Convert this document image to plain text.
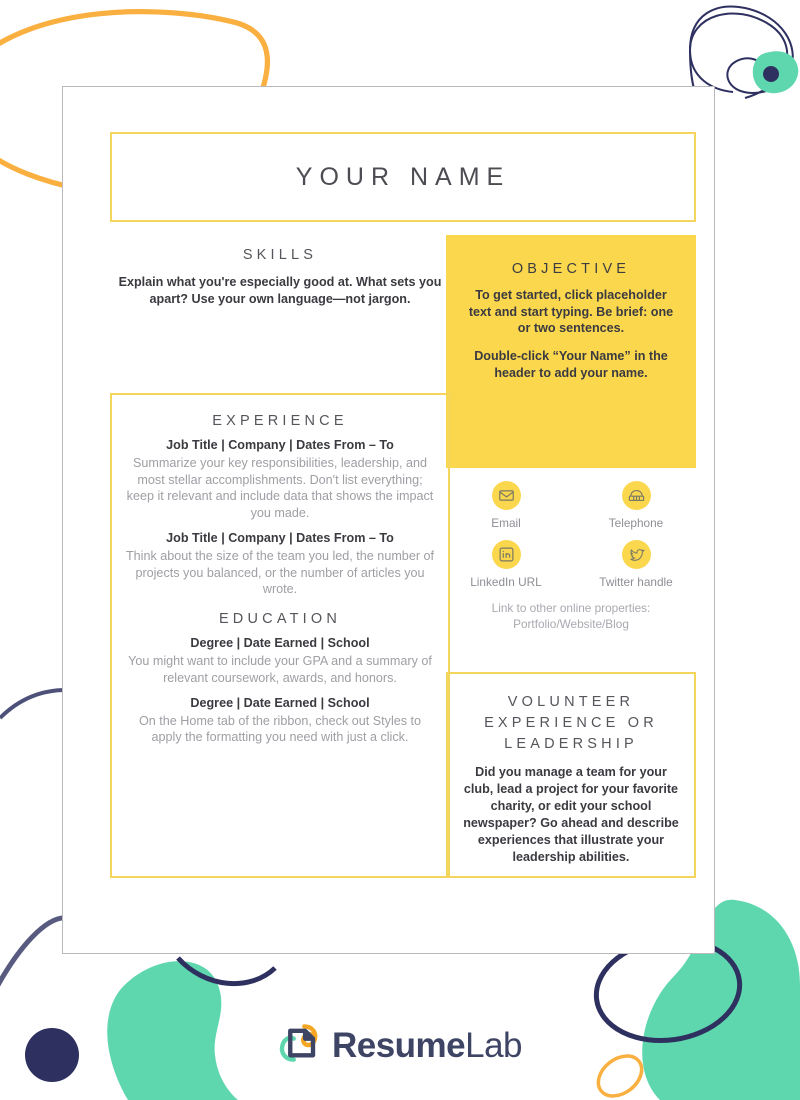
YOUR NAME
SKILLS
Explain what you're especially good at. What sets you apart? Use your own language—not jargon.
OBJECTIVE

To get started, click placeholder text and start typing. Be brief: one or two sentences.

Double-click “Your Name” in the header to add your name.

EXPERIENCE
Job Title | Company | Dates From – To
Summarize your key responsibilities, leadership, and most stellar accomplishments. Don't list everything; keep it relevant and include data that shows the impact you made.
Job Title | Company | Dates From – To
Think about the size of the team you led, the number of projects you balanced, or the number of articles you wrote.
EDUCATION
Degree | Date Earned | School
You might want to include your GPA and a summary of relevant coursework, awards, and honors.
Degree | Date Earned | School
On the Home tab of the ribbon, check out Styles to apply the formatting you need with just a click.
Email	Telephone
LinkedIn URL	Twitter handle
Link to other online properties:
Portfolio/Website/Blog
VOLUNTEER EXPERIENCE OR LEADERSHIP

Did you manage a team for your club, lead a project for your favorite charity, or edit your school newspaper? Go ahead and describe experiences that illustrate your leadership abilities.

ResumeLab
